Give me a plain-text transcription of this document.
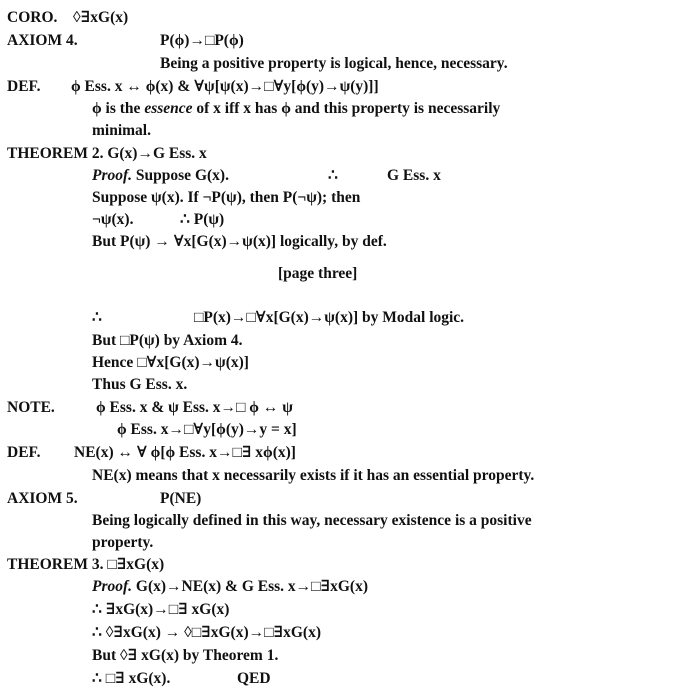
CORO. ◊∃xG(x)
AXIOM 4.	P(ϕ)→□P(ϕ)
Being a positive property is logical, hence, necessary.
DEF. ϕ Ess. x ↔ ϕ(x) & ∀ψ[ψ(x)→□∀y[ϕ(y)→ψ(y)]]
ϕ is the essence of x iff x has ϕ and this property is necessarily
minimal.
THEOREM 2. G(x)→G Ess. x
Proof. Suppose G(x).	∴	G Ess. x
Suppose ψ(x). If ¬P(ψ), then P(¬ψ); then
¬ψ(x).	∴ P(ψ)
But P(ψ) → ∀x[G(x)→ψ(x)] logically, by def.
[page three]
∴	□P(x)→□∀x[G(x)→ψ(x)] by Modal logic.
But □P(ψ) by Axiom 4.
Hence □∀x[G(x)→ψ(x)]
Thus G Ess. x.
NOTE.	ϕ Ess. x & ψ Ess. x→□ ϕ ↔ ψ
ϕ Ess. x→□∀y[ϕ(y)→y = x]
DEF. NE(x) ↔ ∀ ϕ[ϕ Ess. x→□∃ xϕ(x)]
NE(x) means that x necessarily exists if it has an essential property.
AXIOM 5.	P(NE)
Being logically defined in this way, necessary existence is a positive
property.
THEOREM 3. □∃xG(x)
Proof. G(x)→NE(x) & G Ess. x→□∃xG(x)
∴ ∃xG(x)→□∃ xG(x)
∴ ◊∃xG(x) → ◊□∃xG(x)→□∃xG(x)
But ◊∃ xG(x) by Theorem 1.
∴ □∃ xG(x).	QED
